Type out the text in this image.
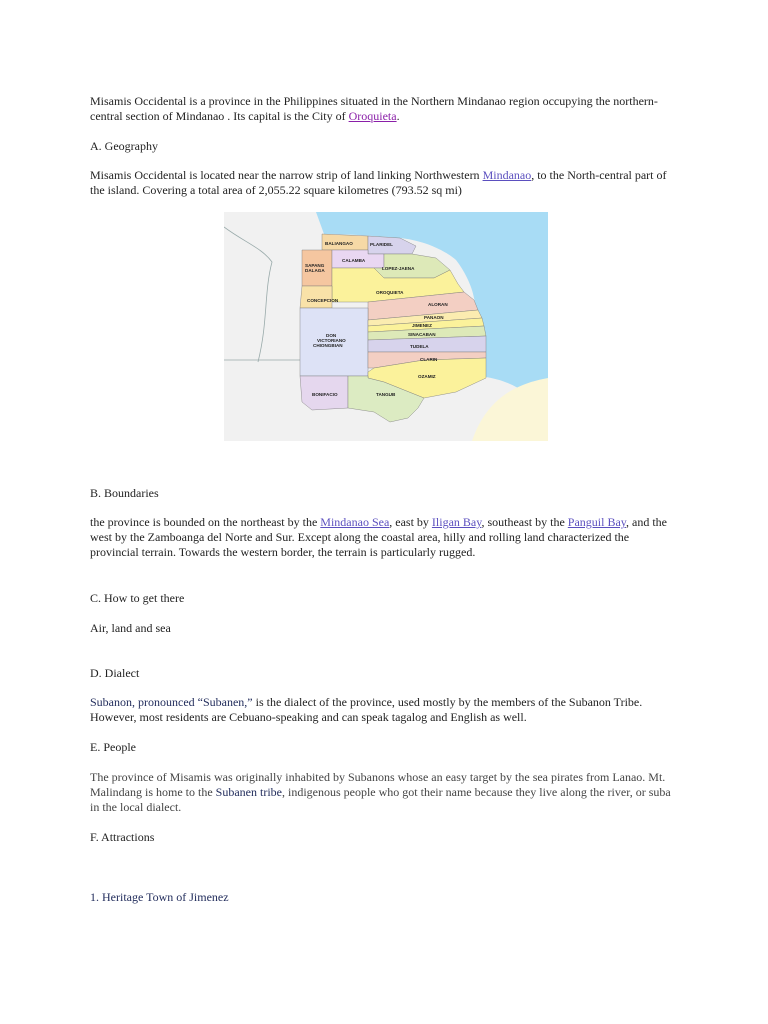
Misamis Occidental is a province in the Philippines situated in the Northern Mindanao region occupying the northern-central section of Mindanao . Its capital is the City of Oroquieta.

A. Geography

Misamis Occidental is located near the narrow strip of land linking Northwestern Mindanao, to the North-central part of the island. Covering a total area of 2,055.22 square kilometres (793.52 sq mi)

BALIANGAO	PLARIDEL
CALAMBA
SAPANG
DALAGA	LOPEZ-JAENA
OROQUIETA
CONCEPCION
ALORAN
PANAON
JIMENEZ
SINACABAN
DON
VICTORIANO
CHIONGBIAN	TUDELA
CLARIN
OZAMIZ
BONIFACIO	TANGUB

B. Boundaries

the province is bounded on the northeast by the Mindanao Sea, east by Iligan Bay, southeast by the Panguil Bay, and the west by the Zamboanga del Norte and Sur. Except along the coastal area, hilly and rolling land characterized the provincial terrain. Towards the western border, the terrain is particularly rugged.

C. How to get there

Air, land and sea

D. Dialect

Subanon, pronounced “Subanen,” is the dialect of the province, used mostly by the members of the Subanon Tribe. However, most residents are Cebuano-speaking and can speak tagalog and English as well.

E. People

The province of Misamis was originally inhabited by Subanons whose an easy target by the sea pirates from Lanao. Mt. Malindang is home to the Subanen tribe, indigenous people who got their name because they live along the river, or suba in the local dialect.

F. Attractions

1. Heritage Town of Jimenez
